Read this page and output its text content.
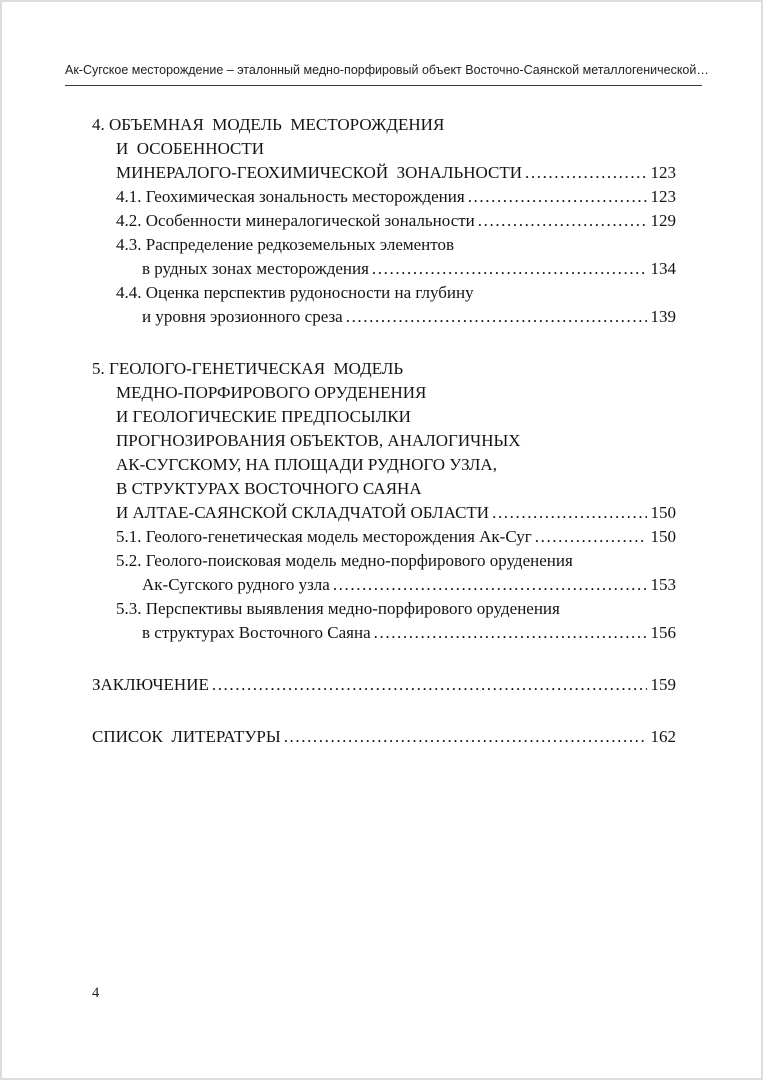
Ак-Сугское месторождение – эталонный медно-порфировый объект Восточно-Саянской металлогенической…
4. ОБЪЕМНАЯ  МОДЕЛЬ  МЕСТОРОЖДЕНИЯ
И  ОСОБЕННОСТИ
МИНЕРАЛОГО-ГЕОХИМИЧЕСКОЙ  ЗОНАЛЬНОСТИ .....	123
4.1. Геохимическая зональность месторождения .....	123
4.2. Особенности минералогической зональности .....	129
4.3. Распределение редкоземельных элементов
в рудных зонах месторождения .....	134
4.4. Оценка перспектив рудоносности на глубину
и уровня эрозионного среза .....	139
5. ГЕОЛОГО-ГЕНЕТИЧЕСКАЯ  МОДЕЛЬ
МЕДНО-ПОРФИРОВОГО ОРУДЕНЕНИЯ
И ГЕОЛОГИЧЕСКИЕ ПРЕДПОСЫЛКИ
ПРОГНОЗИРОВАНИЯ ОБЪЕКТОВ, АНАЛОГИЧНЫХ
АК-СУГСКОМУ, НА ПЛОЩАДИ РУДНОГО УЗЛА,
В СТРУКТУРАХ ВОСТОЧНОГО САЯНА
И АЛТАЕ-САЯНСКОЙ СКЛАДЧАТОЙ ОБЛАСТИ .....	150
5.1. Геолого-генетическая модель месторождения Ак-Суг .....	150
5.2. Геолого-поисковая модель медно-порфирового оруденения
Ак-Сугского рудного узла .....	153
5.3. Перспективы выявления медно-порфирового оруденения
в структурах Восточного Саяна .....	156
ЗАКЛЮЧЕНИЕ .....	159
СПИСОК  ЛИТЕРАТУРЫ .....	162
4
